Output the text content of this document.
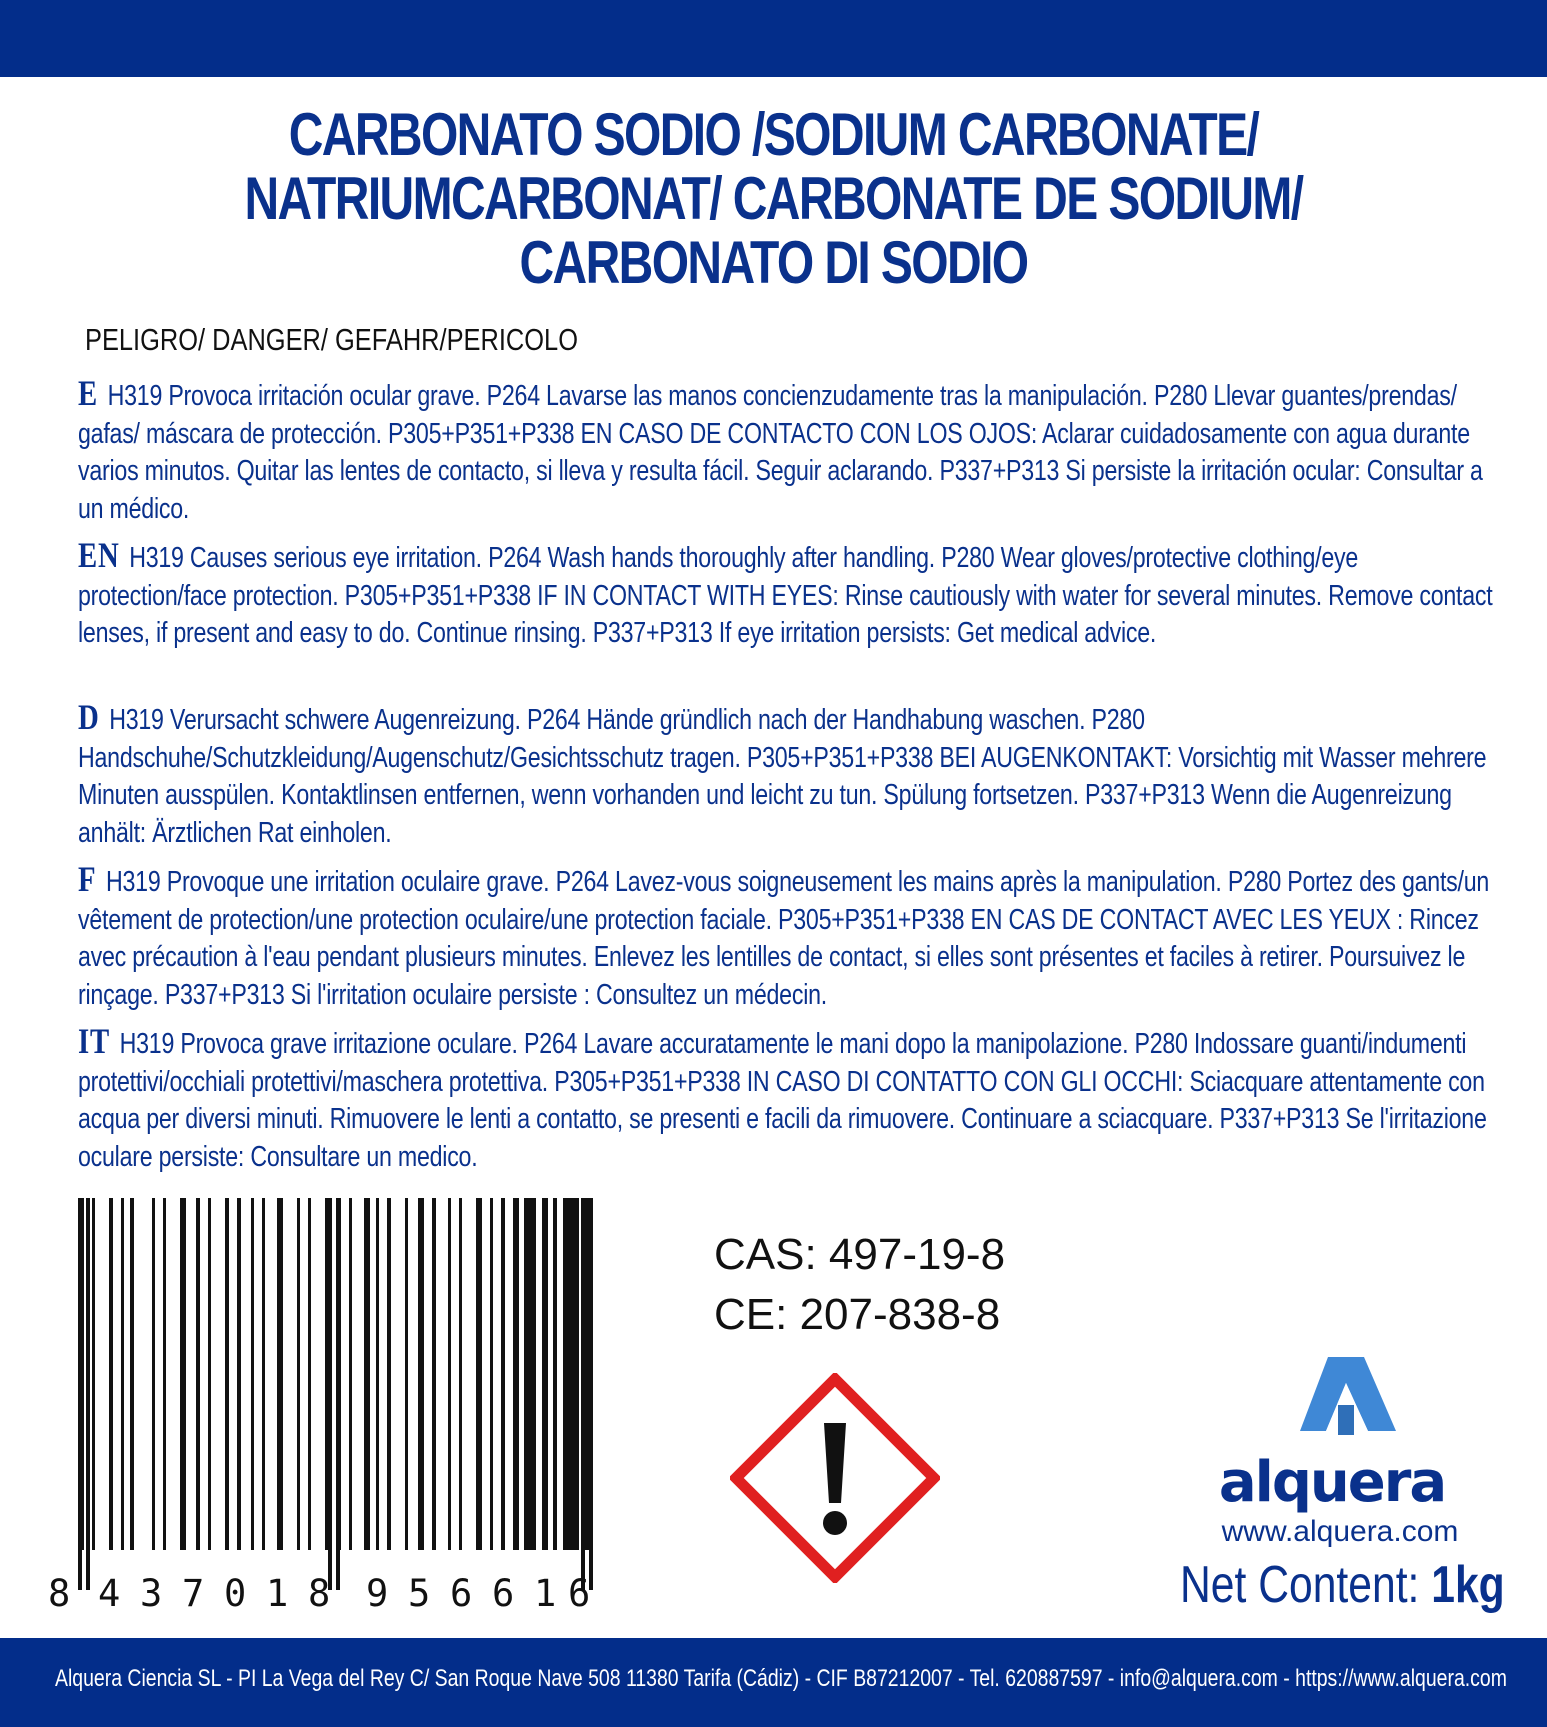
CARBONATO SODIO /SODIUM CARBONATE/
NATRIUMCARBONAT/ CARBONATE DE SODIUM/
CARBONATO DI SODIO
PELIGRO/ DANGER/ GEFAHR/PERICOLO
E H319 Provoca irritación ocular grave. P264 Lavarse las manos concienzudamente tras la manipulación. P280 Llevar guantes/prendas/ gafas/ máscara de protección. P305+P351+P338 EN CASO DE CONTACTO CON LOS OJOS: Aclarar cuidadosamente con agua durante varios minutos. Quitar las lentes de contacto, si lleva y resulta fácil. Seguir aclarando. P337+P313 Si persiste la irritación ocular: Consultar a un médico.
EN H319 Causes serious eye irritation. P264 Wash hands thoroughly after handling. P280 Wear gloves/protective clothing/eye protection/face protection. P305+P351+P338 IF IN CONTACT WITH EYES: Rinse cautiously with water for several minutes. Remove contact lenses, if present and easy to do. Continue rinsing. P337+P313 If eye irritation persists: Get medical advice.
D H319 Verursacht schwere Augenreizung. P264 Hände gründlich nach der Handhabung waschen. P280 Handschuhe/Schutzkleidung/Augenschutz/Gesichtsschutz tragen. P305+P351+P338 BEI AUGENKONTAKT: Vorsichtig mit Wasser mehrere Minuten ausspülen. Kontaktlinsen entfernen, wenn vorhanden und leicht zu tun. Spülung fortsetzen. P337+P313 Wenn die Augenreizung anhält: Ärztlichen Rat einholen.
F H319 Provoque une irritation oculaire grave. P264 Lavez-vous soigneusement les mains après la manipulation. P280 Portez des gants/un vêtement de protection/une protection oculaire/une protection faciale. P305+P351+P338 EN CAS DE CONTACT AVEC LES YEUX : Rincez avec précaution à l'eau pendant plusieurs minutes. Enlevez les lentilles de contact, si elles sont présentes et faciles à retirer. Poursuivez le rinçage. P337+P313 Si l'irritation oculaire persiste : Consultez un médecin.
IT H319 Provoca grave irritazione oculare. P264 Lavare accuratamente le mani dopo la manipolazione. P280 Indossare guanti/indumenti protettivi/occhiali protettivi/maschera protettiva. P305+P351+P338 IN CASO DI CONTATTO CON GLI OCCHI: Sciacquare attentamente con acqua per diversi minuti. Rimuovere le lenti a contatto, se presenti e facili da rimuovere. Continuare a sciacquare. P337+P313 Se l'irritazione oculare persiste: Consultare un medico.
8 4 3 7 0 1 8 9 5 6 6 1 6
CAS: 497-19-8
CE: 207-838-8
alquera
www.alquera.com
Net Content: 1kg
Alquera Ciencia SL - PI La Vega del Rey C/ San Roque Nave 508 11380 Tarifa (Cádiz) - CIF B87212007 - Tel. 620887597 - info@alquera.com - https://www.alquera.com
